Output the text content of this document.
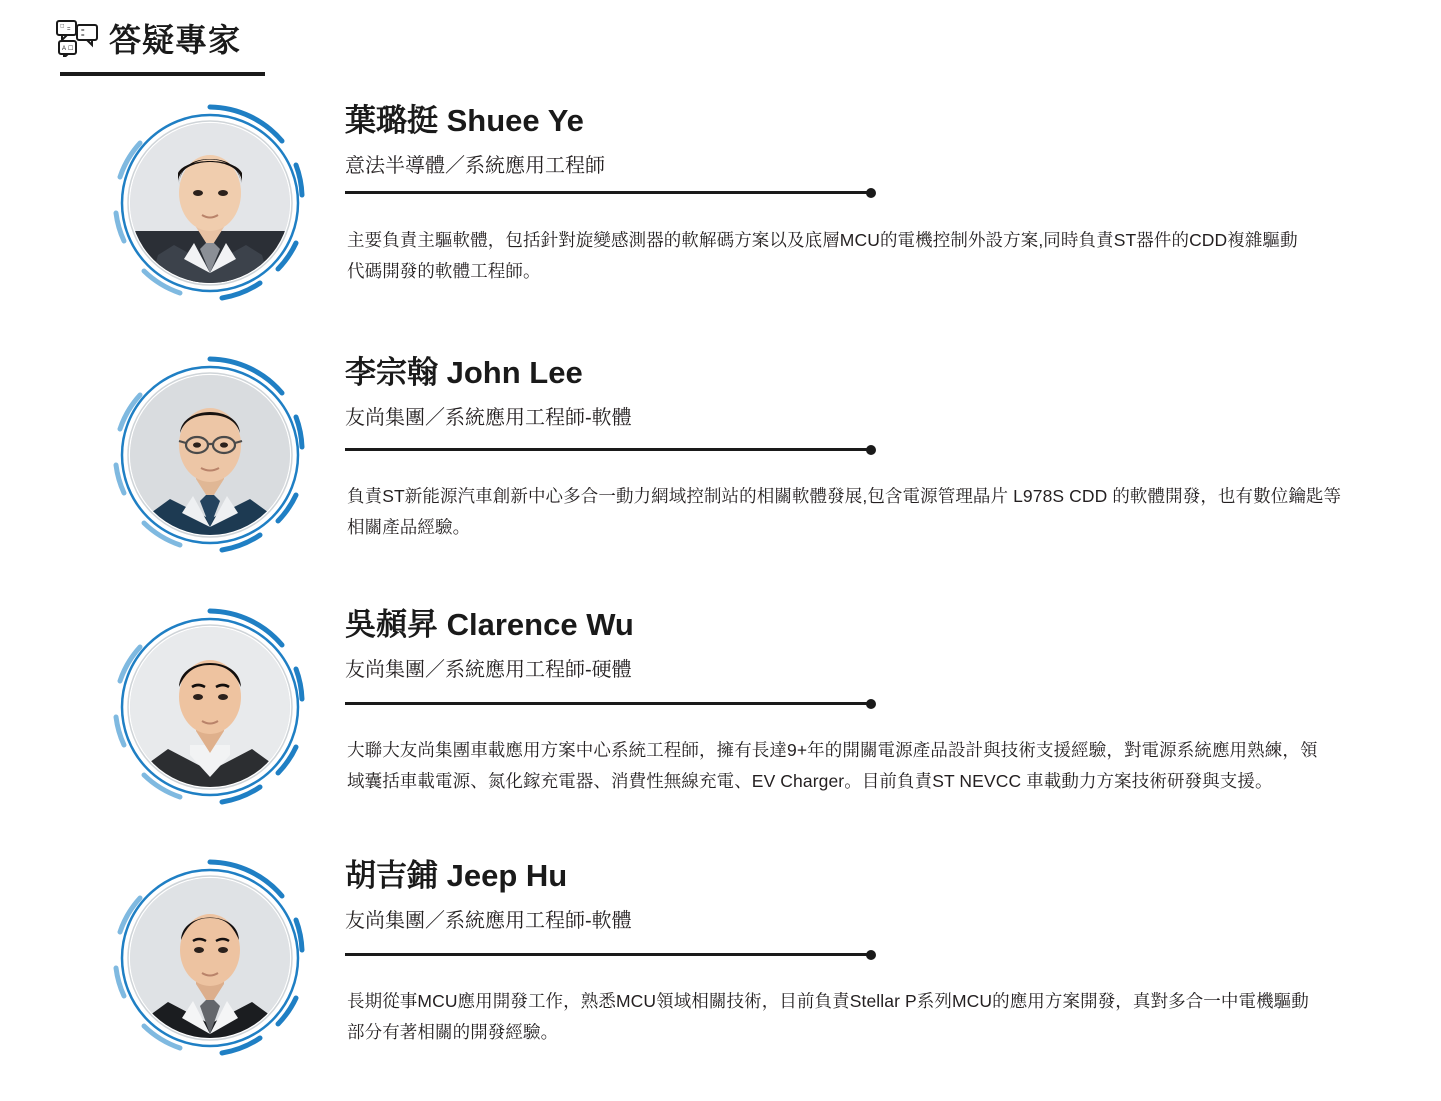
□ = =
=
A ☐ 答疑專家
葉璐挺 Shuee Ye
意法半導體／系統應用工程師
主要負責主驅軟體，包括針對旋變感測器的軟解碼方案以及底層MCU的電機控制外設方案,同時負責ST器件的CDD複雜驅動代碼開發的軟體工程師。
李宗翰 John Lee
友尚集團／系統應用工程師-軟體
負責ST新能源汽車創新中心多合一動力網域控制站的相關軟體發展,包含電源管理晶片 L978S CDD 的軟體開發，也有數位鑰匙等相關產品經驗。
吳頳昇 Clarence Wu
友尚集團／系統應用工程師-硬體
大聯大友尚集團車載應用方案中心系統工程師，擁有長達9+年的開關電源產品設計與技術支援經驗，對電源系統應用熟練，領域囊括車載電源、氮化鎵充電器、消費性無線充電、EV Charger。目前負責ST NEVCC 車載動力方案技術研發與支援。
胡吉鋪 Jeep Hu
友尚集團／系統應用工程師-軟體
長期從事MCU應用開發工作，熟悉MCU領域相關技術，目前負責Stellar P系列MCU的應用方案開發，真對多合一中電機驅動部分有著相關的開發經驗。
